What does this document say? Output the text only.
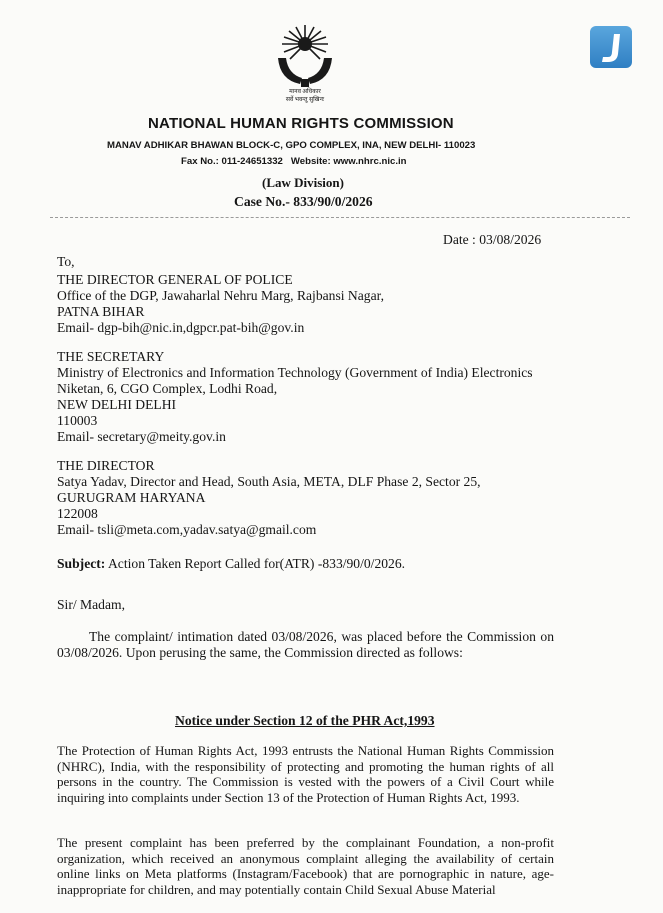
मानव अधिकार
सर्वे भवन्तु सुखिनः
NATIONAL HUMAN RIGHTS COMMISSION
MANAV ADHIKAR BHAWAN BLOCK-C, GPO COMPLEX, INA, NEW DELHI- 110023
Fax No.: 011-24651332   Website: www.nhrc.nic.in
(Law Division)
Case No.- 833/90/0/2026
Date : 03/08/2026
To,
THE DIRECTOR GENERAL OF POLICE
Office of the DGP, Jawaharlal Nehru Marg, Rajbansi Nagar,
PATNA BIHAR
Email- dgp-bih@nic.in,dgpcr.pat-bih@gov.in
THE SECRETARY
Ministry of Electronics and Information Technology (Government of India) Electronics
Niketan, 6, CGO Complex, Lodhi Road,
NEW DELHI DELHI
110003
Email- secretary@meity.gov.in
THE DIRECTOR
Satya Yadav, Director and Head, South Asia, META, DLF Phase 2, Sector 25,
GURUGRAM HARYANA
122008
Email- tsli@meta.com,yadav.satya@gmail.com
Subject: Action Taken Report Called for(ATR) -833/90/0/2026.
Sir/ Madam,
The complaint/ intimation dated 03/08/2026, was placed before the Commission on 03/08/2026. Upon perusing the same, the Commission directed as follows:
Notice under Section 12 of the PHR Act,1993
The Protection of Human Rights Act, 1993 entrusts the National Human Rights Commission (NHRC), India, with the responsibility of protecting and promoting the human rights of all persons in the country. The Commission is vested with the powers of a Civil Court while inquiring into complaints under Section 13 of the Protection of Human Rights Act, 1993.
The present complaint has been preferred by the complainant Foundation, a non-profit organization, which received an anonymous complaint alleging the availability of certain online links on Meta platforms (Instagram/Facebook) that are pornographic in nature, age-inappropriate for children, and may potentially contain Child Sexual Abuse Material
